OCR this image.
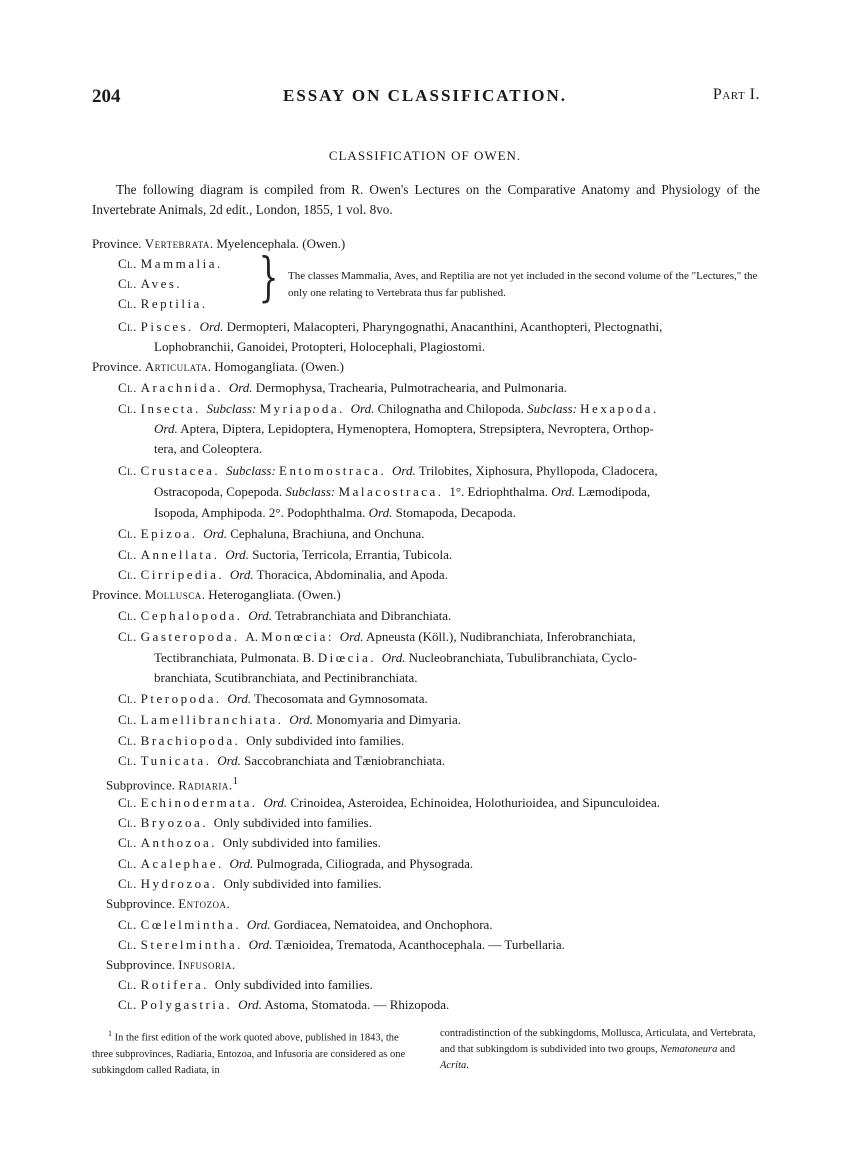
204	ESSAY ON CLASSIFICATION.	Part I.
CLASSIFICATION OF OWEN.

The following diagram is compiled from R. Owen's Lectures on the Comparative Anatomy and Physiology of the Invertebrate Animals, 2d edit., London, 1855, 1 vol. 8vo.

} The classes Mammalia, Aves, and Reptilia are not yet included in the second volume of the "Lectures," the only one relating to Vertebrata thus far published.
Province. Vertebrata. Myelencephala. (Owen.)
Cl. Mammalia.
Cl. Aves.
Cl. Reptilia.
Cl. Pisces. Ord. Dermopteri, Malacopteri, Pharyngognathi, Anacanthini, Acanthopteri, Plectognathi,
Lophobranchii, Ganoidei, Protopteri, Holocephali, Plagiostomi.
Province. Articulata. Homogangliata. (Owen.)
Cl. Arachnida. Ord. Dermophysa, Trachearia, Pulmotrachearia, and Pulmonaria.
Cl. Insecta. Subclass: Myriapoda. Ord. Chilognatha and Chilopoda. Subclass: Hexapoda.
Ord. Aptera, Diptera, Lepidoptera, Hymenoptera, Homoptera, Strepsiptera, Nevroptera, Orthop-
tera, and Coleoptera.
Cl. Crustacea. Subclass: Entomostraca. Ord. Trilobites, Xiphosura, Phyllopoda, Cladocera,
Ostracopoda, Copepoda. Subclass: Malacostraca. 1°. Edriophthalma. Ord. Læmodipoda,
Isopoda, Amphipoda. 2°. Podophthalma. Ord. Stomapoda, Decapoda.
Cl. Epizoa. Ord. Cephaluna, Brachiuna, and Onchuna.
Cl. Annellata. Ord. Suctoria, Terricola, Errantia, Tubicola.
Cl. Cirripedia. Ord. Thoracica, Abdominalia, and Apoda.
Province. Mollusca. Heterogangliata. (Owen.)
Cl. Cephalopoda. Ord. Tetrabranchiata and Dibranchiata.
Cl. Gasteropoda. A. Monœcia: Ord. Apneusta (Köll.), Nudibranchiata, Inferobranchiata,
Tectibranchiata, Pulmonata. B. Diœcia. Ord. Nucleobranchiata, Tubulibranchiata, Cyclo-
branchiata, Scutibranchiata, and Pectinibranchiata.
Cl. Pteropoda. Ord. Thecosomata and Gymnosomata.
Cl. Lamellibranchiata. Ord. Monomyaria and Dimyaria.
Cl. Brachiopoda. Only subdivided into families.
Cl. Tunicata. Ord. Saccobranchiata and Tæniobranchiata.
Subprovince. Radiaria.$^1$
Cl. Echinodermata. Ord. Crinoidea, Asteroidea, Echinoidea, Holothurioidea, and Sipunculoidea.
Cl. Bryozoa. Only subdivided into families.
Cl. Anthozoa. Only subdivided into families.
Cl. Acalephae. Ord. Pulmograda, Ciliograda, and Physograda.
Cl. Hydrozoa. Only subdivided into families.
Subprovince. Entozoa.
Cl. Cœlelmintha. Ord. Gordiacea, Nematoidea, and Onchophora.
Cl. Sterelmintha. Ord. Tænioidea, Trematoda, Acanthocephala. — Turbellaria.
Subprovince. Infusoria.
Cl. Rotifera. Only subdivided into families.
Cl. Polygastria. Ord. Astoma, Stomatoda. — Rhizopoda.
$^1$ In the first edition of the work quoted above, published in 1843, the three subprovinces, Radiaria, Entozoa, and Infusoria are considered as one subkingdom called Radiata, in
contradistinction of the subkingdoms, Mollusca, Articulata, and Vertebrata, and that subkingdom is subdivided into two groups, Nematoneura and Acrita.
